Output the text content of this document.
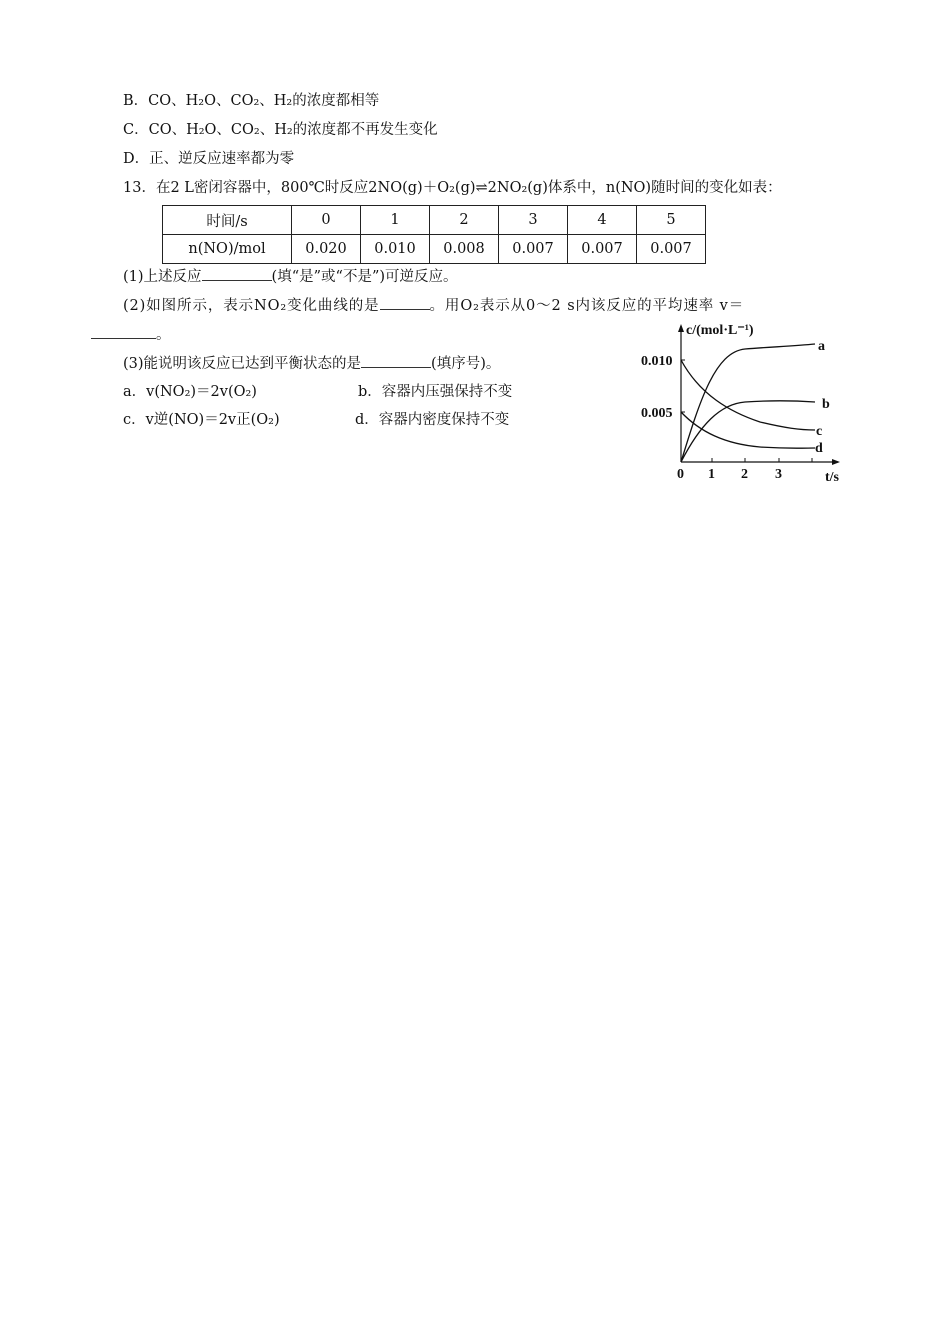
B．CO、H₂O、CO₂、H₂的浓度都相等
C．CO、H₂O、CO₂、H₂的浓度都不再发生变化
D．正、逆反应速率都为零
13．在2 L密闭容器中，800℃时反应2NO(g)＋O₂(g)⇌2NO₂(g)体系中，n(NO)随时间的变化如表：
时间/s	0	1	2	3	4	5
n(NO)/mol	0.020	0.010	0.008	0.007	0.007	0.007
(1)上述反应	(填“是”或“不是”)可逆反应。
(2)如图所示，表示NO₂变化曲线的是	。用O₂表示从0～2 s内该反应的平均速率 v＝
。
(3)能说明该反应已达到平衡状态的是	(填序号)。
a．v(NO₂)＝2v(O₂)	b．容器内压强保持不变
c．v逆(NO)＝2v正(O₂)	d．容器内密度保持不变
a
b
c
d
0.010
0.005
0 1 2 3	t/s
c/(mol·L⁻¹)
